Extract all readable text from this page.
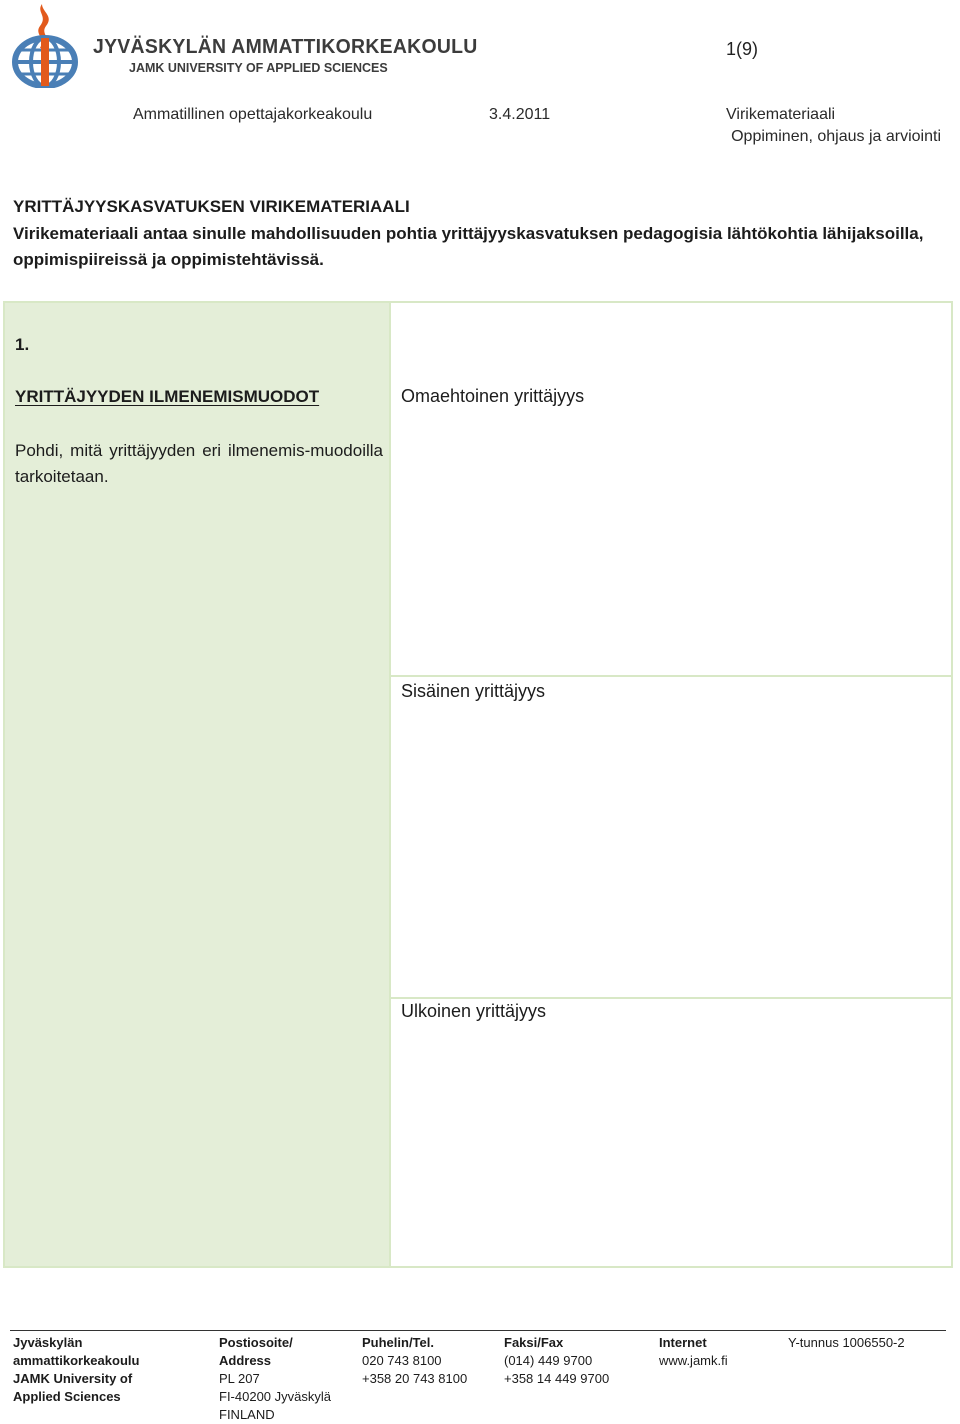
JYVÄSKYLÄN AMMATTIKORKEAKOULU
JAMK UNIVERSITY OF APPLIED SCIENCES
1(9)
Ammatillinen opettajakorkeakoulu	3.4.2011	Virikemateriaali
Oppiminen, ohjaus ja arviointi
YRITTÄJYYSKASVATUKSEN VIRIKEMATERIAALI
Virikemateriaali antaa sinulle mahdollisuuden pohtia yrittäjyyskasvatuksen pedagogisia lähtökohtia lähijaksoilla, oppimispiireissä ja oppimistehtävissä.
1.
YRITTÄJYYDEN ILMENEMISMUODOT
Pohdi, mitä yrittäjyyden eri ilmenemis-muodoilla tarkoitetaan.
Omaehtoinen yrittäjyys
Sisäinen yrittäjyys
Ulkoinen yrittäjyys
Jyväskylän
ammattikorkeakoulu
JAMK University of
Applied Sciences
Postiosoite/
Address
PL 207
FI-40200 Jyväskylä
FINLAND
Puhelin/Tel.
020 743 8100
+358 20 743 8100
Faksi/Fax
(014) 449 9700
+358 14 449 9700
Internet
www.jamk.fi
Y-tunnus 1006550-2
